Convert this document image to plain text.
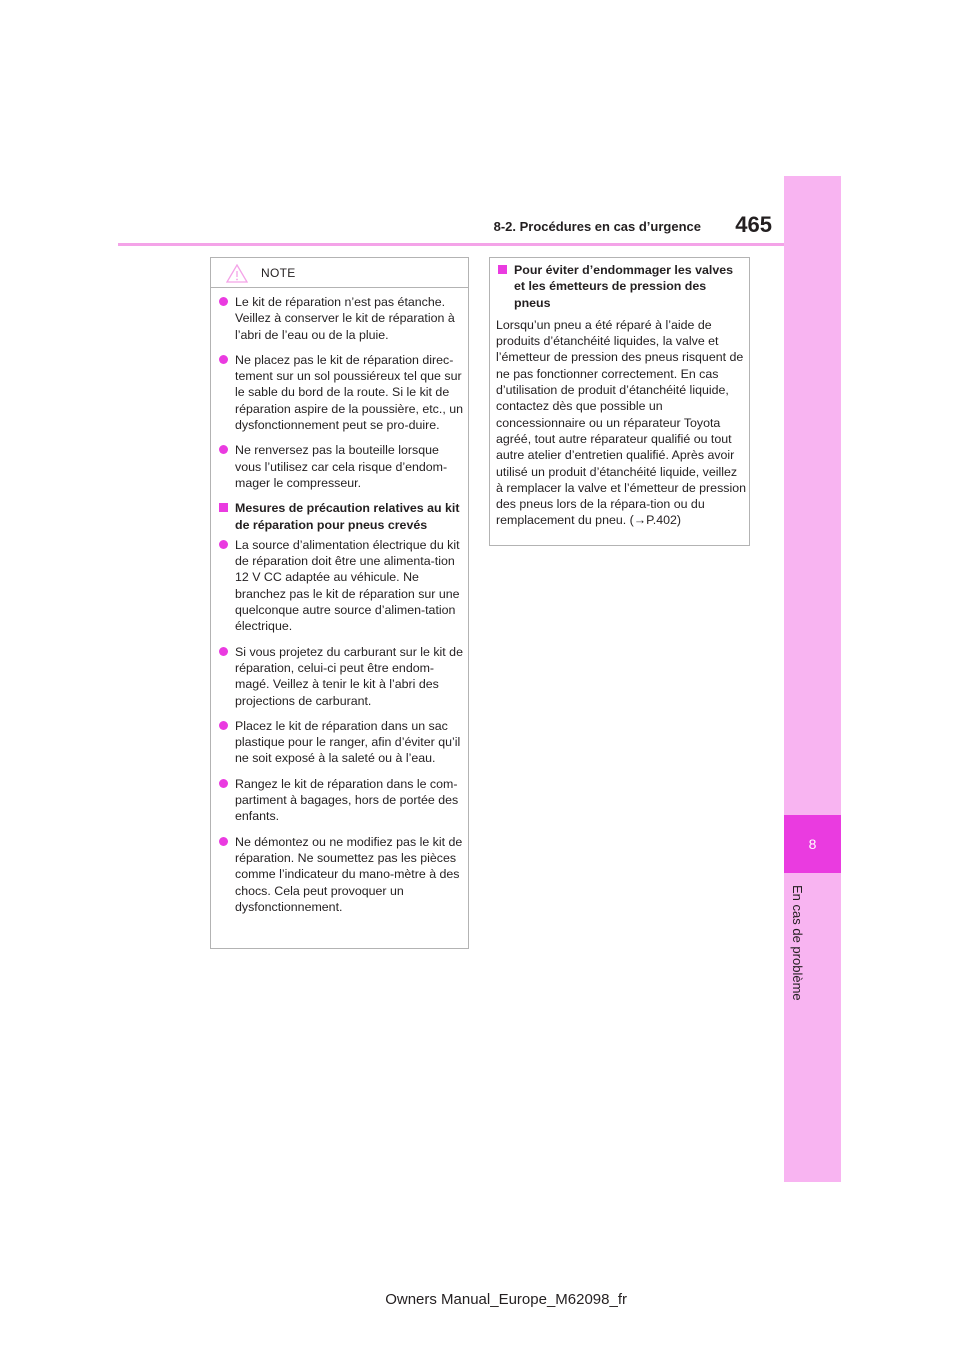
8-2. Procédures en cas d’urgence	465
8
En cas de problème
NOTE
Le kit de réparation n’est pas étanche. Veillez à conserver le kit de réparation à l’abri de l’eau ou de la pluie.
Ne placez pas le kit de réparation direc-tement sur un sol poussiéreux tel que sur le sable du bord de la route. Si le kit de réparation aspire de la poussière, etc., un dysfonctionnement peut se pro-duire.
Ne renversez pas la bouteille lorsque vous l’utilisez car cela risque d’endom-mager le compresseur.
Mesures de précaution relatives au kit de réparation pour pneus crevés
La source d’alimentation électrique du kit de réparation doit être une alimenta-tion 12 V CC adaptée au véhicule. Ne branchez pas le kit de réparation sur une quelconque autre source d’alimen-tation électrique.
Si vous projetez du carburant sur le kit de réparation, celui-ci peut être endom-magé. Veillez à tenir le kit à l’abri des projections de carburant.
Placez le kit de réparation dans un sac plastique pour le ranger, afin d’éviter qu’il ne soit exposé à la saleté ou à l’eau.
Rangez le kit de réparation dans le com-partiment à bagages, hors de portée des enfants.
Ne démontez ou ne modifiez pas le kit de réparation. Ne soumettez pas les pièces comme l’indicateur du mano-mètre à des chocs. Cela peut provoquer un dysfonctionnement.
Pour éviter d’endommager les valves et les émetteurs de pression des pneus
Lorsqu’un pneu a été réparé à l’aide de produits d’étanchéité liquides, la valve et l’émetteur de pression des pneus risquent de ne pas fonctionner correctement. En cas d’utilisation de produit d’étanchéité liquide, contactez dès que possible un concessionnaire ou un réparateur Toyota agréé, tout autre réparateur qualifié ou tout autre atelier d’entretien qualifié. Après avoir utilisé un produit d’étanchéité liquide, veillez à remplacer la valve et l’émetteur de pression des pneus lors de la répara-tion ou du remplacement du pneu. (→P.402)
Owners Manual_Europe_M62098_fr
